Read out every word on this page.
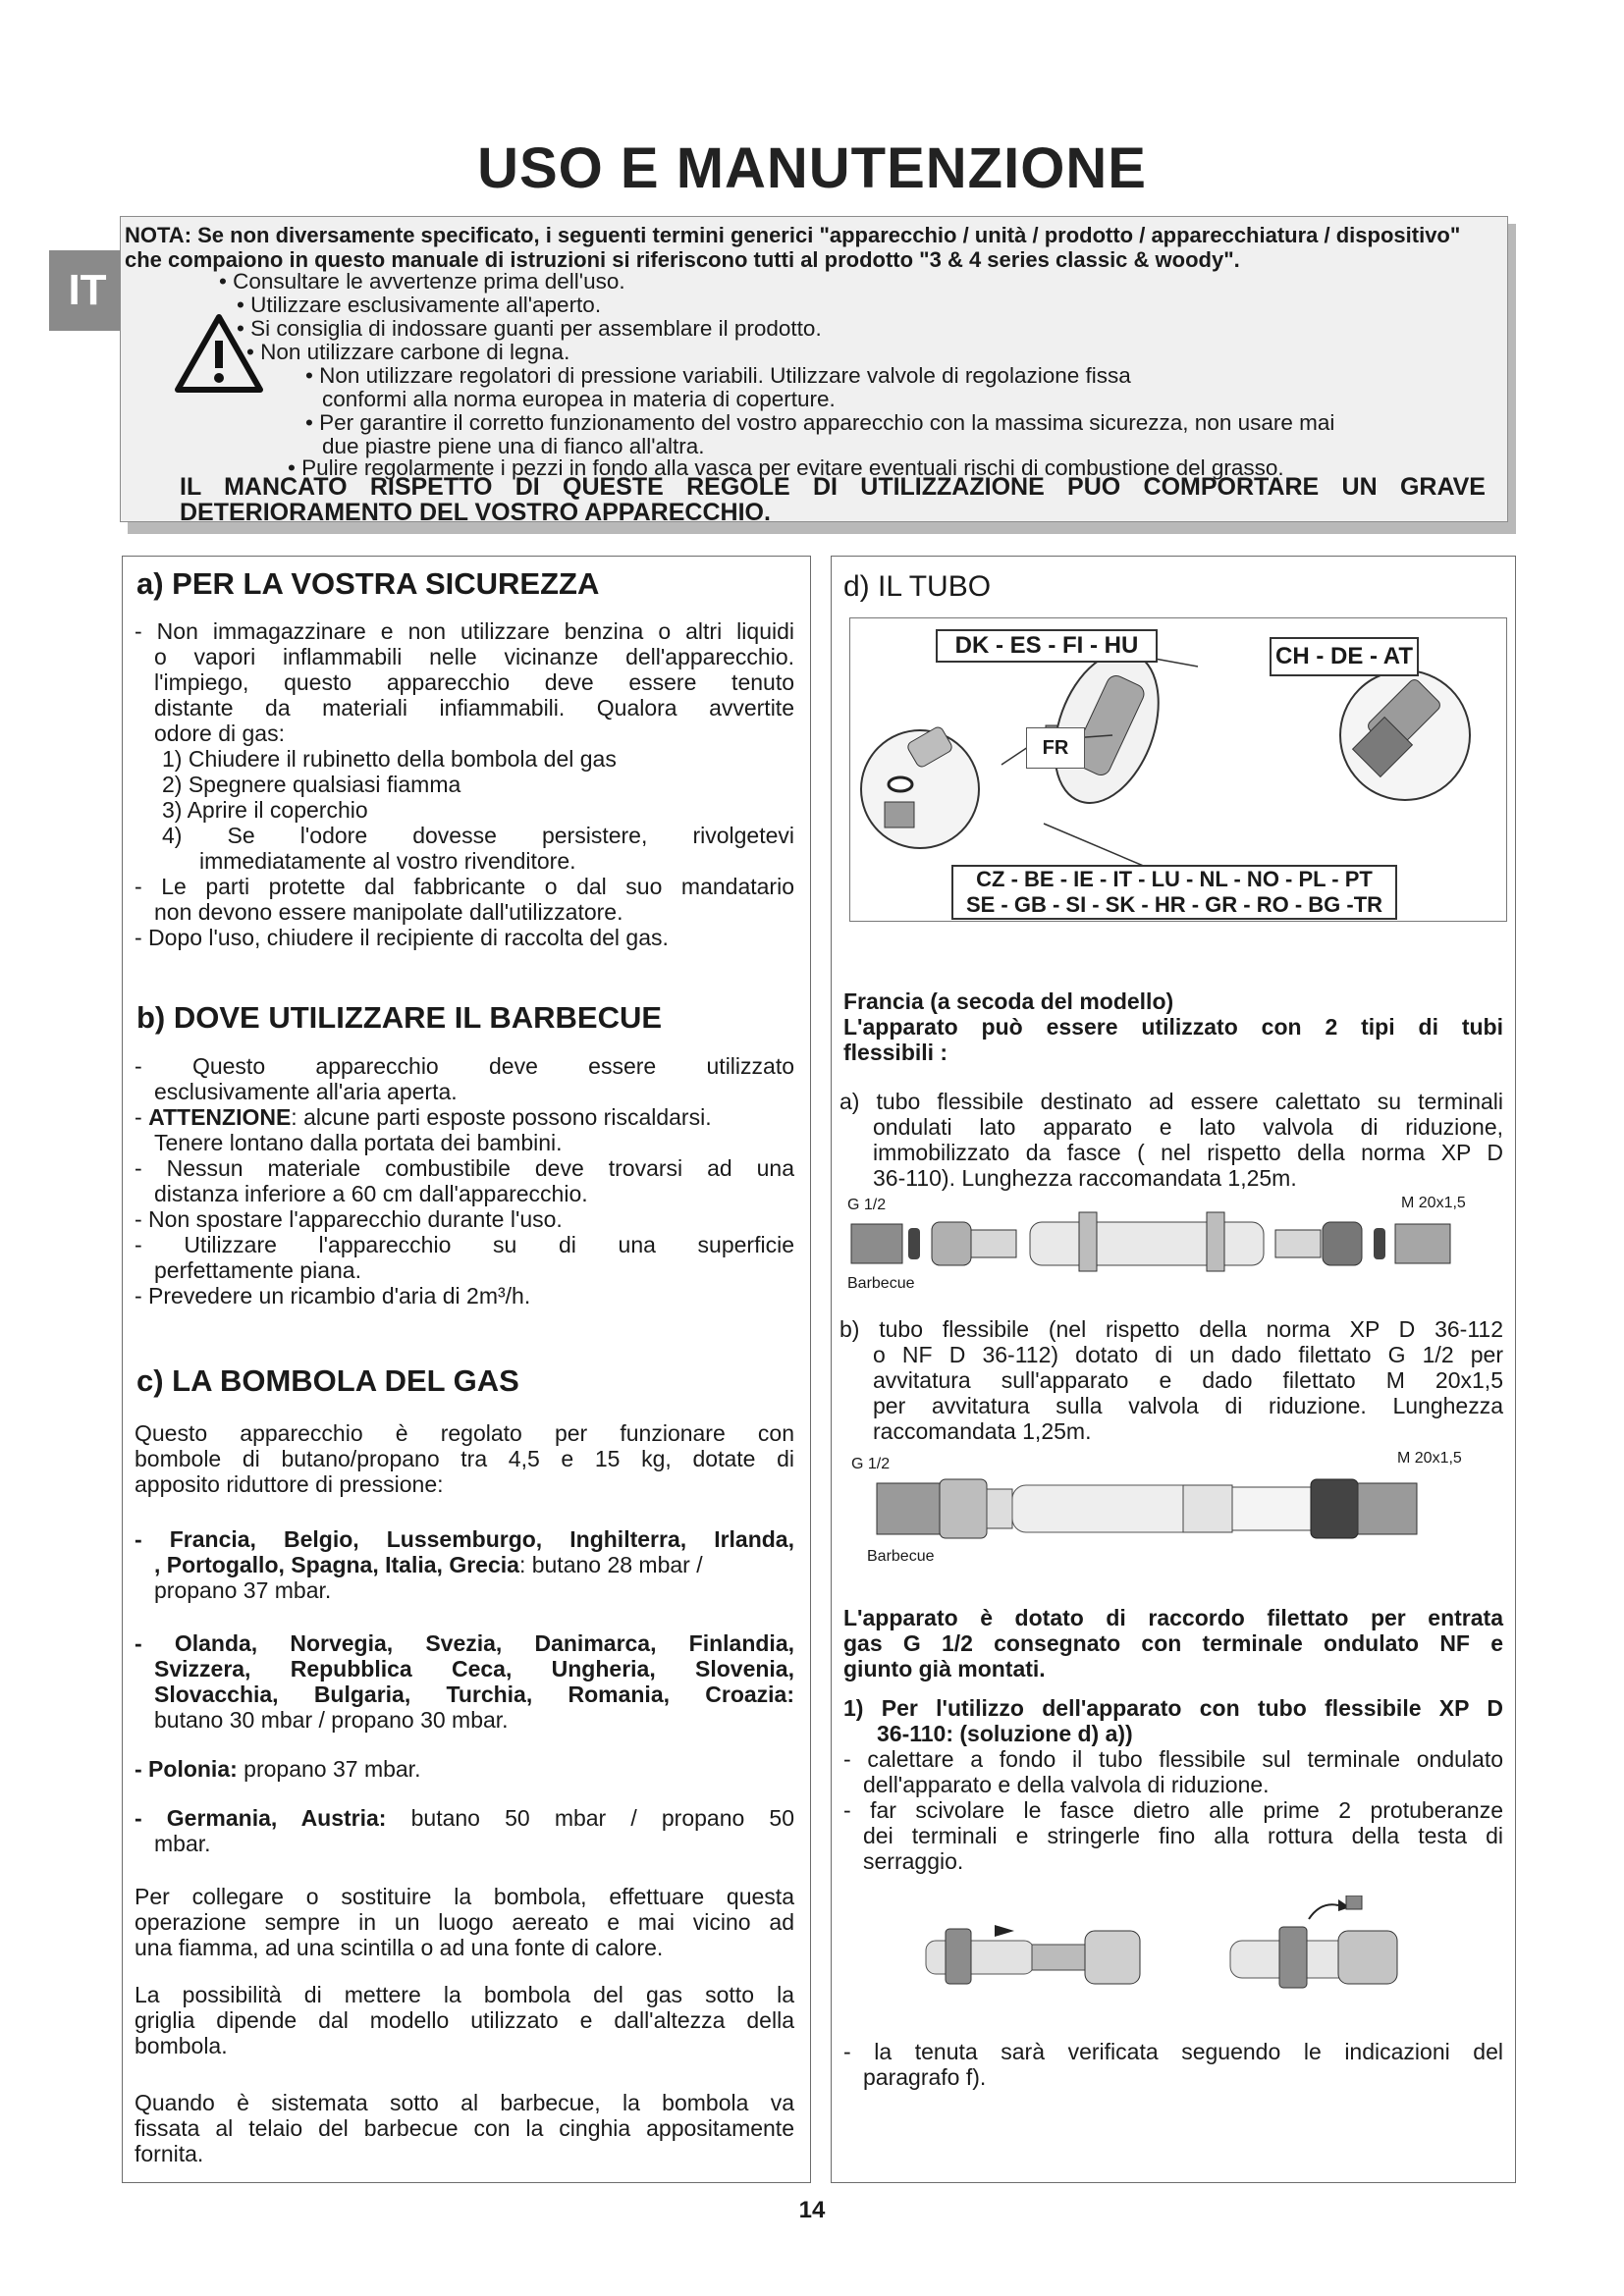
USO E MANUTENZIONE
IT
NOTA: Se non diversamente specificato, i seguenti termini generici "apparecchio / unità / prodotto / apparecchiatura / dispositivo" che compaiono in questo manuale di istruzioni si riferiscono tutti al prodotto "3 & 4 series classic & woody".
• Consultare le avvertenze prima dell'uso.
• Utilizzare esclusivamente all'aperto.
• Si consiglia di indossare guanti per assemblare il prodotto.
• Non utilizzare carbone di legna.
• Non utilizzare regolatori di pressione variabili. Utilizzare valvole di regolazione fissa
conformi alla norma europea in materia di coperture.
• Per garantire il corretto funzionamento del vostro apparecchio con la massima sicurezza, non usare mai
due piastre piene una di fianco all'altra.
• Pulire regolarmente i pezzi in fondo alla vasca per evitare eventuali rischi di combustione del grasso.
IL MANCATO RISPETTO DI QUESTE REGOLE DI UTILIZZAZIONE PUO COMPORTARE UN GRAVE
DETERIORAMENTO DEL VOSTRO APPARECCHIO.
a) PER LA VOSTRA SICUREZZA
- Non immagazzinare e non utilizzare benzina o altri liquidi
o vapori inflammabili nelle vicinanze dell'apparecchio.
l'impiego, questo apparecchio deve essere tenuto
distante da materiali infiammabili. Qualora avvertite
odore di gas:
1) Chiudere il rubinetto della bombola del gas
2) Spegnere qualsiasi fiamma
3) Aprire il coperchio
4) Se l'odore dovesse persistere, rivolgetevi
immediatamente al vostro rivenditore.
- Le parti protette dal fabbricante o dal suo mandatario
non devono essere manipolate dall'utilizzatore.
- Dopo l'uso, chiudere il recipiente di raccolta del gas.
b) DOVE UTILIZZARE IL BARBECUE
- Questo apparecchio deve essere utilizzato
esclusivamente all'aria aperta.
- ATTENZIONE: alcune parti esposte possono riscaldarsi.
Tenere lontano dalla portata dei bambini.
- Nessun materiale combustibile deve trovarsi ad una
distanza inferiore a 60 cm dall'apparecchio.
- Non spostare l'apparecchio durante l'uso.
- Utilizzare l'apparecchio su di una superficie
perfettamente piana.
- Prevedere un ricambio d'aria di 2m³/h.
c) LA BOMBOLA DEL GAS
Questo apparecchio è regolato per funzionare con
bombole di butano/propano tra 4,5 e 15 kg, dotate di
apposito riduttore di pressione:
- Francia, Belgio, Lussemburgo, Inghilterra, Irlanda,
, Portogallo, Spagna, Italia, Grecia: butano 28 mbar /
propano 37 mbar.
- Olanda, Norvegia, Svezia, Danimarca, Finlandia,
Svizzera, Repubblica Ceca, Ungheria, Slovenia,
Slovacchia, Bulgaria, Turchia, Romania, Croazia:
butano 30 mbar / propano 30 mbar.
- Polonia: propano 37 mbar.
- Germania, Austria: butano 50 mbar / propano 50
mbar.
Per collegare o sostituire la bombola, effettuare questa
operazione sempre in un luogo aereato e mai vicino ad
una fiamma, ad una scintilla o ad una fonte di calore.
La possibilità di mettere la bombola del gas sotto la
griglia dipende dal modello utilizzato e dall'altezza della
bombola.
Quando è sistemata sotto al barbecue, la bombola va
fissata al telaio del barbecue con la cinghia appositamente
fornita.
d) IL TUBO
DK - ES - FI - HU	CH - DE - AT
FR
CZ - BE - IE - IT - LU - NL - NO - PL - PT
SE - GB - SI - SK - HR - GR - RO - BG -TR
Francia (a secoda del modello)
L'apparato può essere utilizzato con 2 tipi di tubi
flessibili :
a) tubo flessibile destinato ad essere calettato su terminali
ondulati lato apparato e lato valvola di riduzione,
immobilizzato da fasce ( nel rispetto della norma XP D
36-110). Lunghezza raccomandata 1,25m.
G 1/2	M 20x1,5
Barbecue
b) tubo flessibile (nel rispetto della norma XP D 36-112
o NF D 36-112) dotato di un dado filettato G 1/2 per
avvitatura sull'apparato e dado filettato M 20x1,5
per avvitatura sulla valvola di riduzione. Lunghezza
raccomandata 1,25m.
G 1/2	M 20x1,5
Barbecue
L'apparato è dotato di raccordo filettato per entrata
gas G 1/2 consegnato con terminale ondulato NF e
giunto già montati.
1) Per l'utilizzo dell'apparato con tubo flessibile XP D
36-110: (soluzione d) a))
- calettare a fondo il tubo flessibile sul terminale ondulato
dell'apparato e della valvola di riduzione.
- far scivolare le fasce dietro alle prime 2 protuberanze
dei terminali e stringerle fino alla rottura della testa di
serraggio.
- la tenuta sarà verificata seguendo le indicazioni del
paragrafo f).
14
